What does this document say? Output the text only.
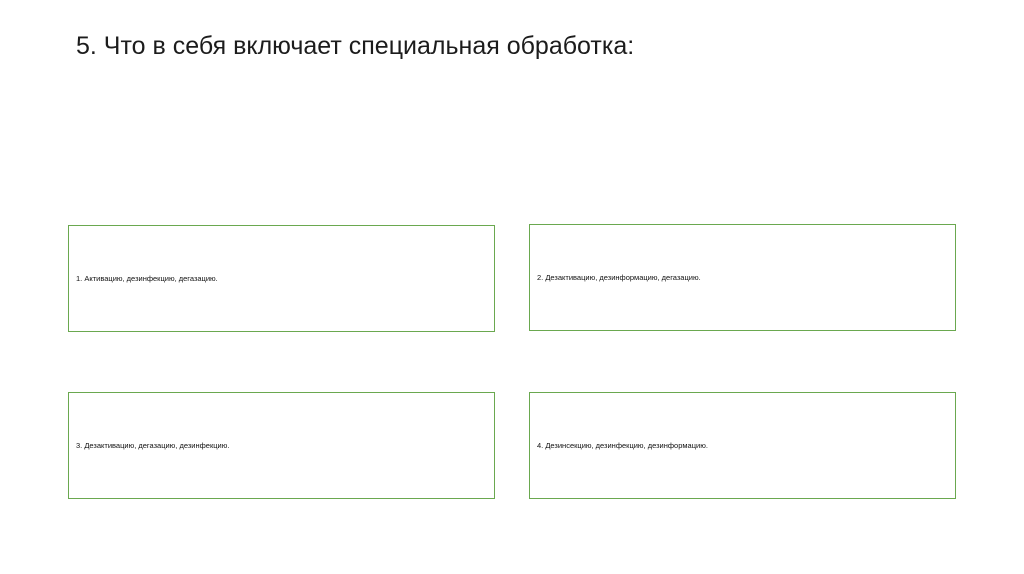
5. Что в себя включает специальная обработка:
1. Активацию, дезинфекцию, дегазацию.	2. Дезактивацию, дезинформацию, дегазацию.
3. Дезактивацию, дегазацию, дезинфекцию.	4. Дезинсекцию, дезинфекцию, дезинформацию.
